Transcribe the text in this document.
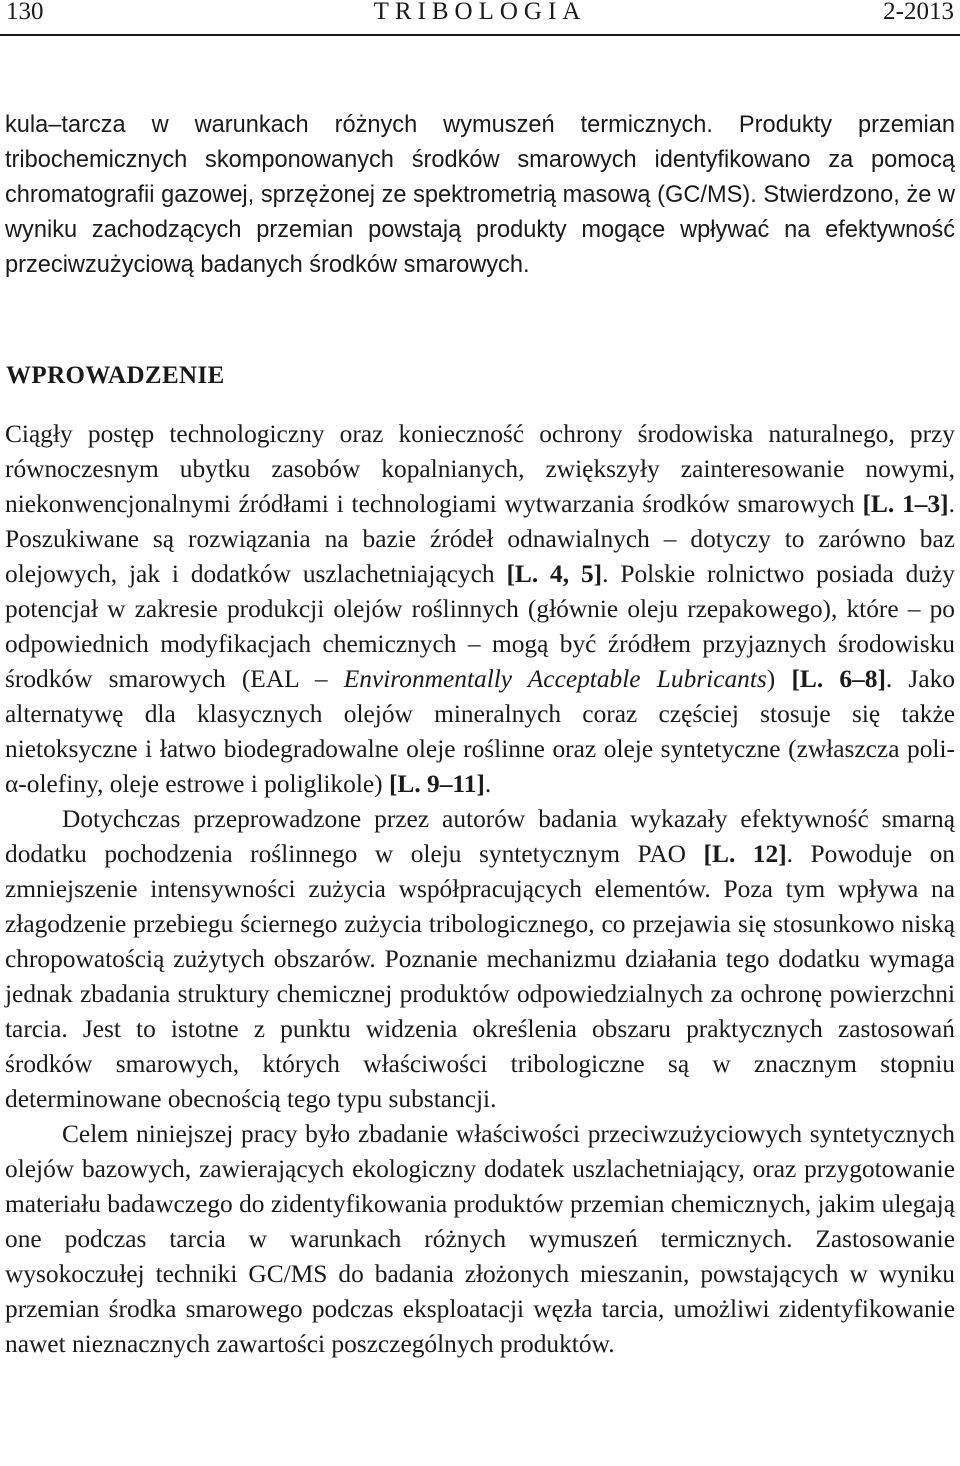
130	TRIBOLOGIA	2-2013
kula–tarcza w warunkach różnych wymuszeń termicznych. Produkty przemian tribochemicznych skomponowanych środków smarowych identyfikowano za pomocą chromatografii gazowej, sprzężonej ze spektrometrią masową (GC/MS). Stwierdzono, że w wyniku zachodzących przemian powstają produkty mogące wpływać na efektywność przeciwzużyciową badanych środków smarowych.
WPROWADZENIE

Ciągły postęp technologiczny oraz konieczność ochrony środowiska naturalnego, przy równoczesnym ubytku zasobów kopalnianych, zwiększyły zainteresowanie nowymi, niekonwencjonalnymi źródłami i technologiami wytwarzania środków smarowych [L. 1–3]. Poszukiwane są rozwiązania na bazie źródeł odnawialnych – dotyczy to zarówno baz olejowych, jak i dodatków uszlachetniających [L. 4, 5]. Polskie rolnictwo posiada duży potencjał w zakresie produkcji olejów roślinnych (głównie oleju rzepakowego), które – po odpowiednich modyfikacjach chemicznych – mogą być źródłem przyjaznych środowisku środków smarowych (EAL – Environmentally Acceptable Lubricants) [L. 6–8]. Jako alternatywę dla klasycznych olejów mineralnych coraz częściej stosuje się także nietoksyczne i łatwo biodegradowalne oleje roślinne oraz oleje syntetyczne (zwłaszcza poli-α-olefiny, oleje estrowe i poliglikole) [L. 9–11].

Dotychczas przeprowadzone przez autorów badania wykazały efektywność smarną dodatku pochodzenia roślinnego w oleju syntetycznym PAO [L. 12]. Powoduje on zmniejszenie intensywności zużycia współpracujących elementów. Poza tym wpływa na złagodzenie przebiegu ściernego zużycia tribologicznego, co przejawia się stosunkowo niską chropowatością zużytych obszarów. Poznanie mechanizmu działania tego dodatku wymaga jednak zbadania struktury chemicznej produktów odpowiedzialnych za ochronę powierzchni tarcia. Jest to istotne z punktu widzenia określenia obszaru praktycznych zastosowań środków smarowych, których właściwości tribologiczne są w znacznym stopniu determinowane obecnością tego typu substancji.

Celem niniejszej pracy było zbadanie właściwości przeciwzużyciowych syntetycznych olejów bazowych, zawierających ekologiczny dodatek uszlachetniający, oraz przygotowanie materiału badawczego do zidentyfikowania produktów przemian chemicznych, jakim ulegają one podczas tarcia w warunkach różnych wymuszeń termicznych. Zastosowanie wysokoczułej techniki GC/MS do badania złożonych mieszanin, powstających w wyniku przemian środka smarowego podczas eksploatacji węzła tarcia, umożliwi zidentyfikowanie nawet nieznacznych zawartości poszczególnych produktów.
